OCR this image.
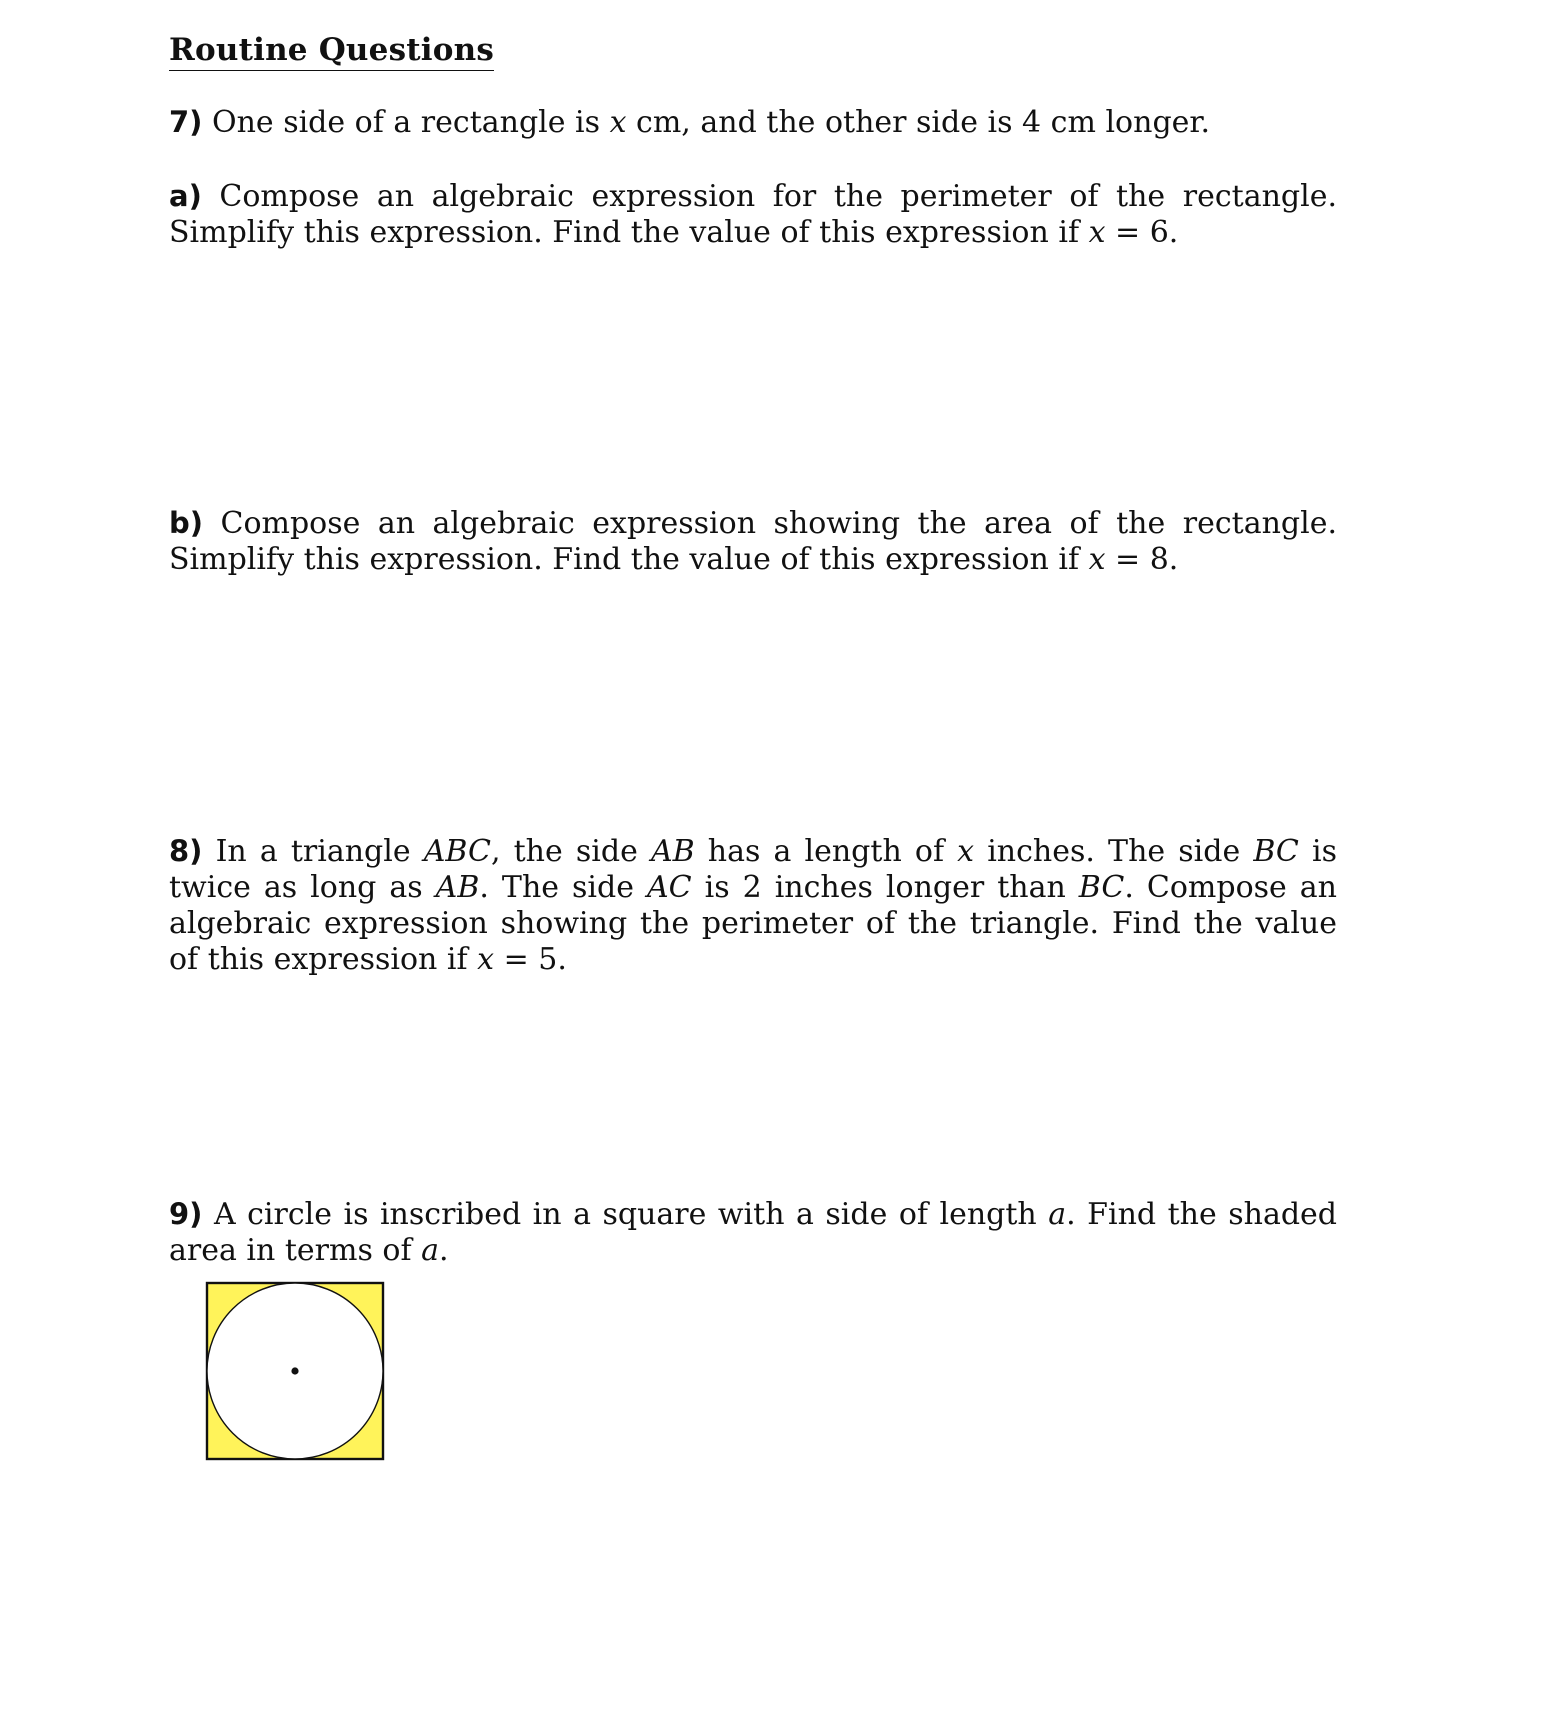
Routine Questions
7) One side of a rectangle is x cm, and the other side is 4 cm longer.
a) Compose an algebraic expression for the perimeter of the rectangle. Simplify this expression. Find the value of this expression if x = 6.
b) Compose an algebraic expression showing the area of the rectangle. Simplify this expression. Find the value of this expression if x = 8.
8) In a triangle ABC, the side AB has a length of x inches. The side BC is twice as long as AB. The side AC is 2 inches longer than BC. Compose an algebraic expression showing the perimeter of the triangle. Find the value of this expression if x = 5.
9) A circle is inscribed in a square with a side of length a. Find the shaded area in terms of a.
